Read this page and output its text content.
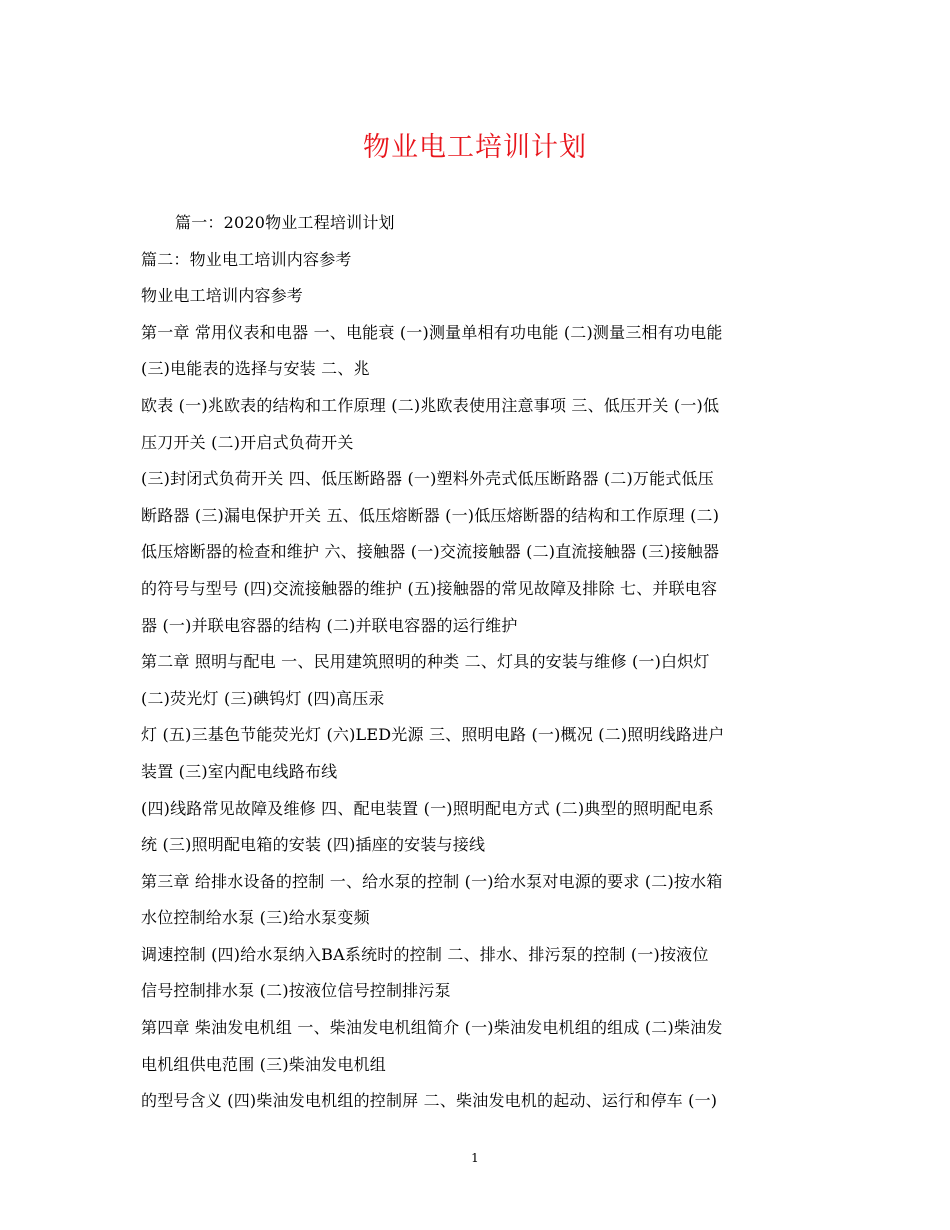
物业电工培训计划
篇一：2020物业工程培训计划
篇二：物业电工培训内容参考
物业电工培训内容参考
第一章 常用仪表和电器 一、电能衰 (一)测量单相有功电能 (二)测量三相有功电能
(三)电能表的选择与安装 二、兆
欧表 (一)兆欧表的结构和工作原理 (二)兆欧表使用注意事项 三、低压开关 (一)低
压刀开关 (二)开启式负荷开关
(三)封闭式负荷开关 四、低压断路器 (一)塑料外壳式低压断路器 (二)万能式低压
断路器 (三)漏电保护开关 五、低压熔断器 (一)低压熔断器的结构和工作原理 (二)
低压熔断器的检查和维护 六、接触器 (一)交流接触器 (二)直流接触器 (三)接触器
的符号与型号 (四)交流接触器的维护 (五)接触器的常见故障及排除 七、并联电容
器 (一)并联电容器的结构 (二)并联电容器的运行维护
第二章 照明与配电 一、民用建筑照明的种类 二、灯具的安装与维修 (一)白炽灯
(二)荧光灯 (三)碘钨灯 (四)高压汞
灯 (五)三基色节能荧光灯 (六)LED光源 三、照明电路 (一)概况 (二)照明线路进户
装置 (三)室内配电线路布线
(四)线路常见故障及维修 四、配电装置 (一)照明配电方式 (二)典型的照明配电系
统 (三)照明配电箱的安装 (四)插座的安装与接线
第三章 给排水设备的控制 一、给水泵的控制 (一)给水泵对电源的要求 (二)按水箱
水位控制给水泵 (三)给水泵变频
调速控制 (四)给水泵纳入BA系统时的控制 二、排水、排污泵的控制 (一)按液位
信号控制排水泵 (二)按液位信号控制排污泵
第四章 柴油发电机组 一、柴油发电机组简介 (一)柴油发电机组的组成 (二)柴油发
电机组供电范围 (三)柴油发电机组
的型号含义 (四)柴油发电机组的控制屏 二、柴油发电机的起动、运行和停车 (一)
1
